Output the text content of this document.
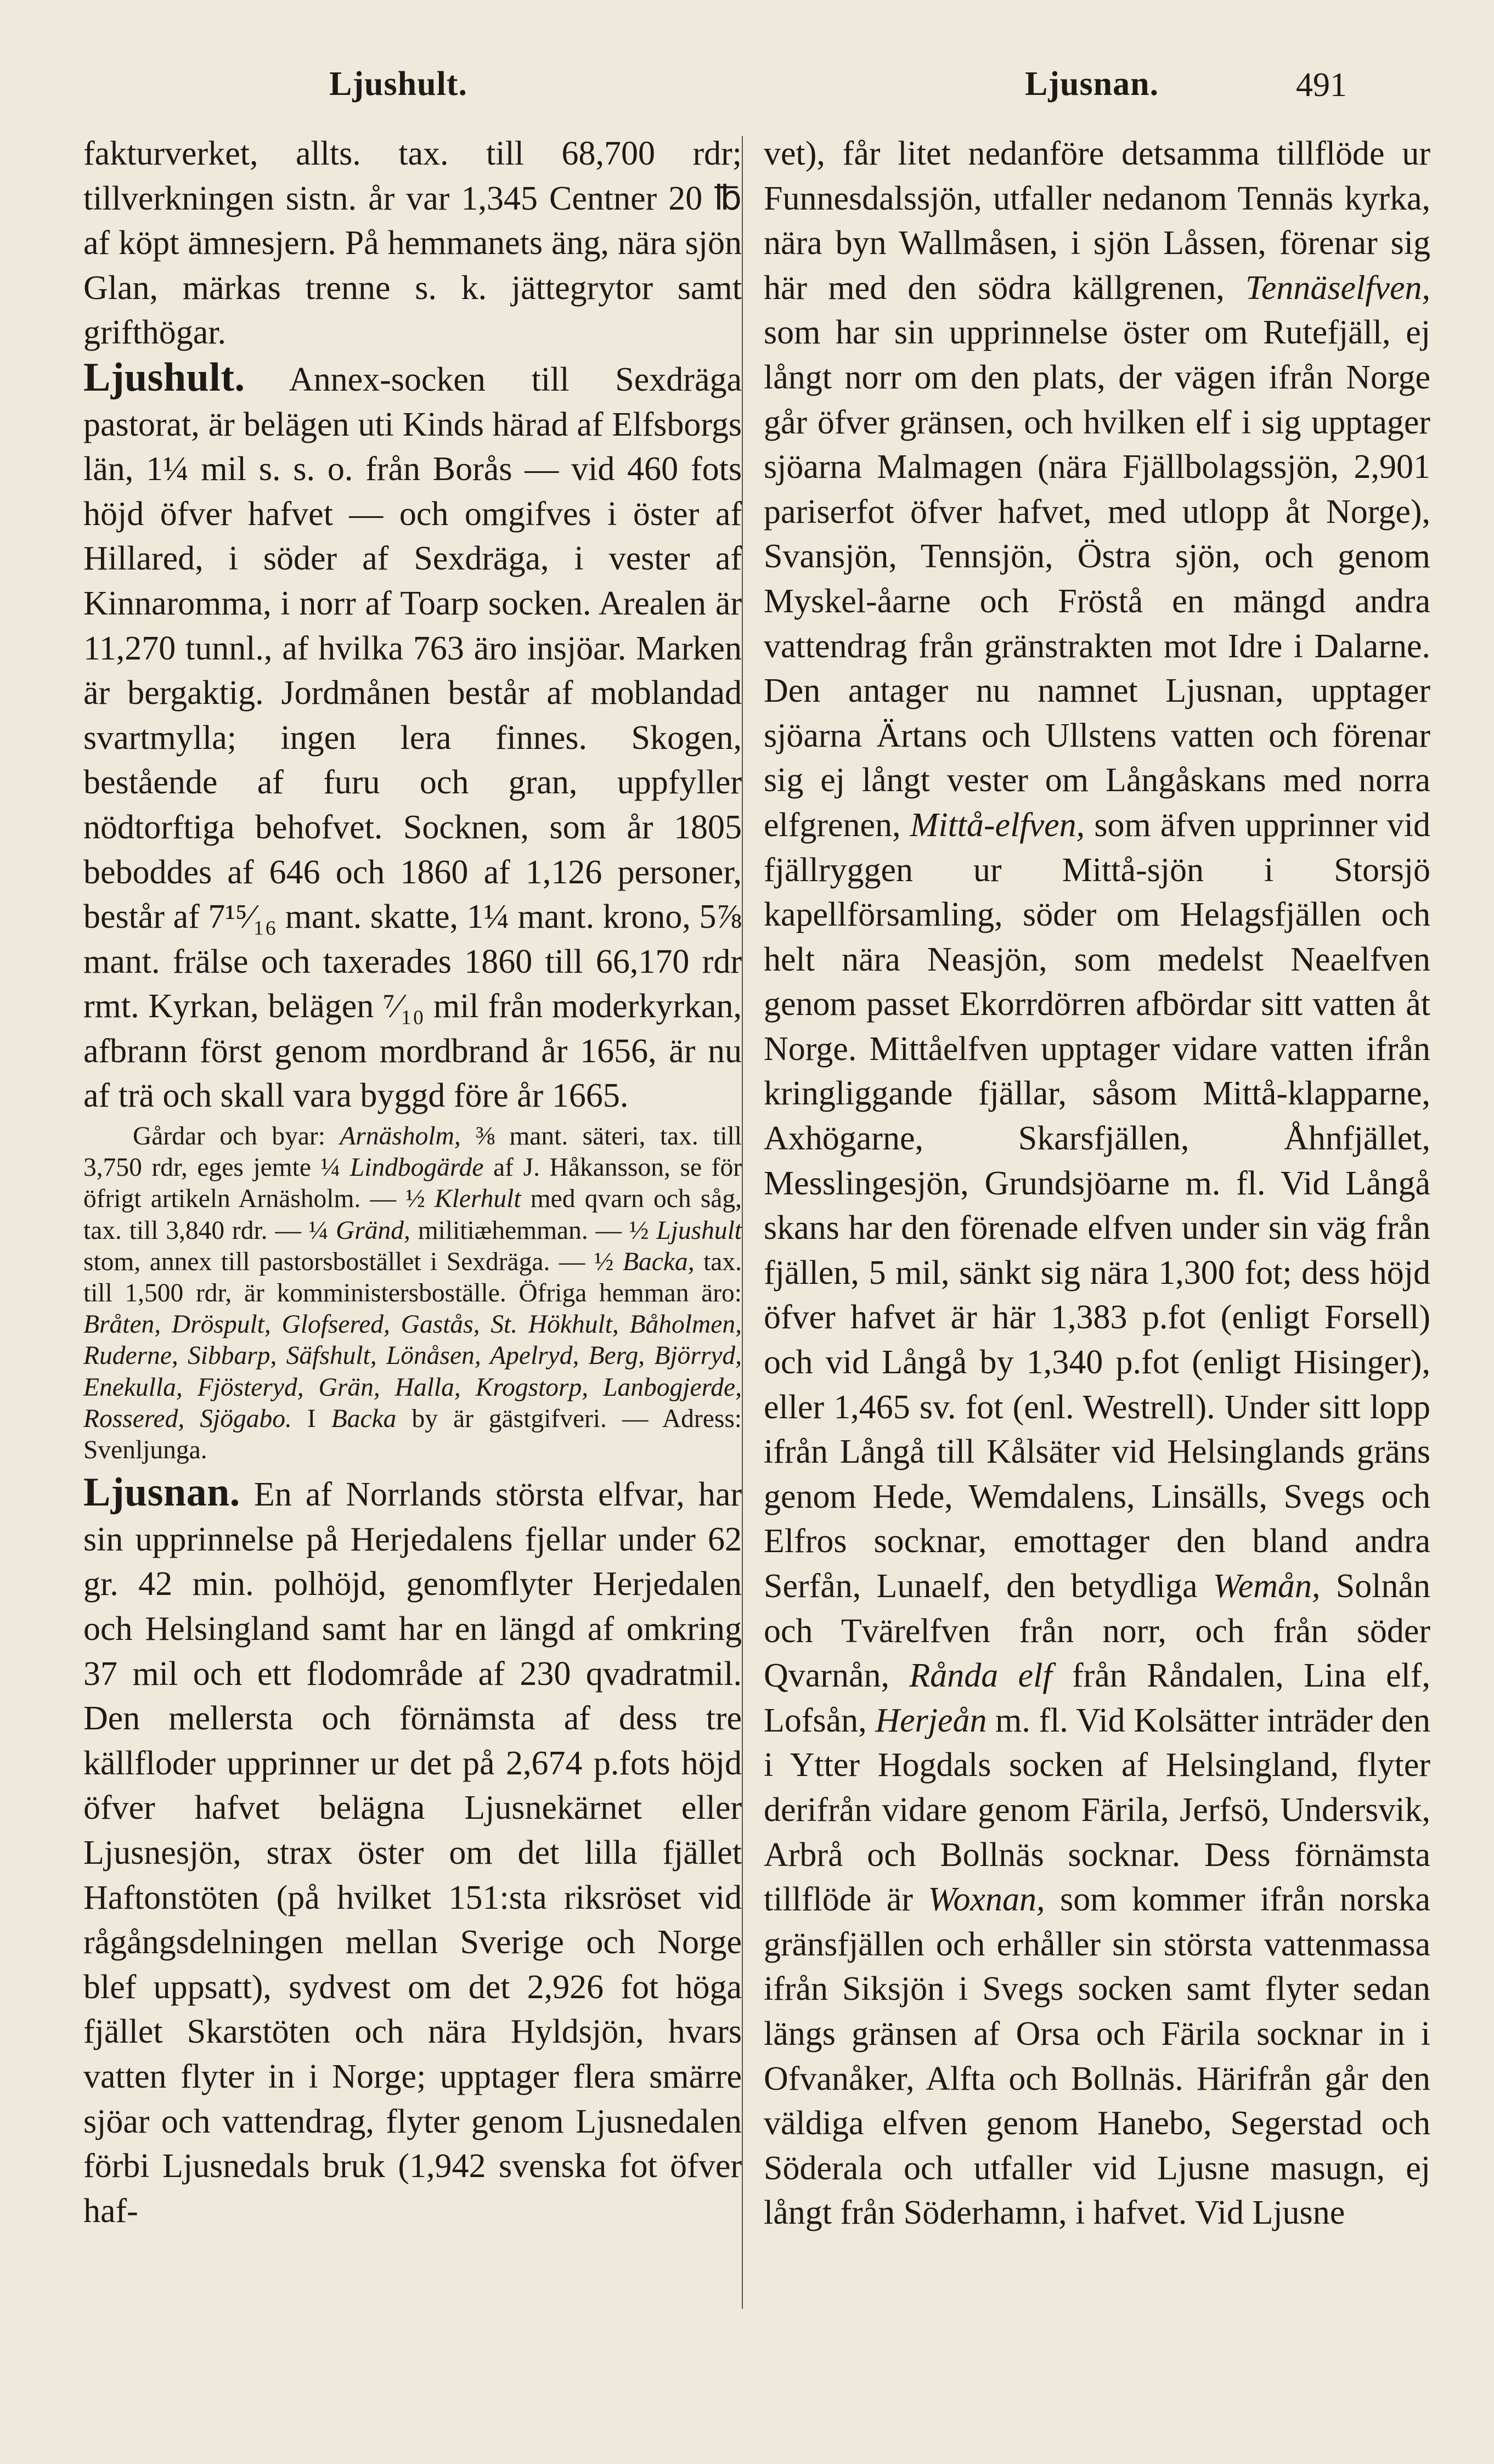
Ljushult.	Ljusnan.	491

fakturverket, allts. tax. till 68,700 rdr; tillverkningen sistn. år var 1,345 Centner 20 ℔ af köpt ämnesjern. På hemmanets äng, nära sjön Glan, märkas trenne s. k. jättegrytor samt grifthögar.

Ljushult. Annex-socken till Sexdräga pastorat, är belägen uti Kinds härad af Elfsborgs län, 1¼ mil s. s. o. från Borås — vid 460 fots höjd öfver hafvet — och omgifves i öster af Hillared, i söder af Sexdräga, i vester af Kinnaromma, i norr af Toarp socken. Arealen är 11,270 tunnl., af hvilka 763 äro insjöar. Marken är bergaktig. Jordmånen består af moblandad svartmylla; ingen lera finnes. Skogen, bestående af furu och gran, uppfyller nödtorftiga behofvet. Socknen, som år 1805 beboddes af 646 och 1860 af 1,126 personer, består af 7¹⁵⁄₁₆ mant. skatte, 1¼ mant. krono, 5⅞ mant. frälse och taxerades 1860 till 66,170 rdr rmt. Kyrkan, belägen ⁷⁄₁₀ mil från moderkyrkan, afbrann först genom mordbrand år 1656, är nu af trä och skall vara byggd före år 1665.

Gårdar och byar: Arnäsholm, ⅜ mant. säteri, tax. till 3,750 rdr, eges jemte ¼ Lindbogärde af J. Håkansson, se för öfrigt artikeln Arnäsholm. — ½ Klerhult med qvarn och såg, tax. till 3,840 rdr. — ¼ Gränd, militiæhemman. — ½ Ljushult stom, annex till pastorsbostället i Sexdräga. — ½ Backa, tax. till 1,500 rdr, är komministersboställe. Öfriga hemman äro: Bråten, Dröspult, Glofsered, Gastås, St. Hökhult, Båholmen, Ruderne, Sibbarp, Säfshult, Lönåsen, Apelryd, Berg, Björryd, Enekulla, Fjösteryd, Grän, Halla, Krogstorp, Lanbogjerde, Rossered, Sjögabo. I Backa by är gästgifveri. — Adress: Svenljunga.

Ljusnan. En af Norrlands största elfvar, har sin upprinnelse på Herjedalens fjellar under 62 gr. 42 min. polhöjd, genomflyter Herjedalen och Helsingland samt har en längd af omkring 37 mil och ett flodområde af 230 qvadratmil. Den mellersta och förnämsta af dess tre källfloder upprinner ur det på 2,674 p.fots höjd öfver hafvet belägna Ljusnekärnet eller Ljusnesjön, strax öster om det lilla fjället Haftonstöten (på hvilket 151:sta riksröset vid rågångsdelningen mellan Sverige och Norge blef uppsatt), sydvest om det 2,926 fot höga fjället Skarstöten och nära Hyldsjön, hvars vatten flyter in i Norge; upptager flera smärre sjöar och vattendrag, flyter genom Ljusnedalen förbi Ljusnedals bruk (1,942 svenska fot öfver haf-

vet), får litet nedanföre detsamma tillflöde ur Funnesdalssjön, utfaller nedanom Tennäs kyrka, nära byn Wallmåsen, i sjön Låssen, förenar sig här med den södra källgrenen, Tennäselfven, som har sin upprinnelse öster om Rutefjäll, ej långt norr om den plats, der vägen ifrån Norge går öfver gränsen, och hvilken elf i sig upptager sjöarna Malmagen (nära Fjällbolagssjön, 2,901 pariserfot öfver hafvet, med utlopp åt Norge), Svansjön, Tennsjön, Östra sjön, och genom Myskel-åarne och Fröstå en mängd andra vattendrag från gränstrakten mot Idre i Dalarne. Den antager nu namnet Ljusnan, upptager sjöarna Ärtans och Ullstens vatten och förenar sig ej långt vester om Långåskans med norra elfgrenen, Mittå-elfven, som äfven upprinner vid fjällryggen ur Mittå-sjön i Storsjö kapellförsamling, söder om Helagsfjällen och helt nära Neasjön, som medelst Neaelfven genom passet Ekorrdörren afbördar sitt vatten åt Norge. Mittåelfven upptager vidare vatten ifrån kringliggande fjällar, såsom Mittå-klapparne, Axhögarne, Skarsfjällen, Åhnfjället, Messlingesjön, Grundsjöarne m. fl. Vid Långå skans har den förenade elfven under sin väg från fjällen, 5 mil, sänkt sig nära 1,300 fot; dess höjd öfver hafvet är här 1,383 p.fot (enligt Forsell) och vid Långå by 1,340 p.fot (enligt Hisinger), eller 1,465 sv. fot (enl. Westrell). Under sitt lopp ifrån Långå till Kålsäter vid Helsinglands gräns genom Hede, Wemdalens, Linsälls, Svegs och Elfros socknar, emottager den bland andra Serfån, Lunaelf, den betydliga Wemån, Solnån och Tvärelfven från norr, och från söder Qvarnån, Rånda elf från Råndalen, Lina elf, Lofsån, Herjeån m. fl. Vid Kolsätter inträder den i Ytter Hogdals socken af Helsingland, flyter derifrån vidare genom Färila, Jerfsö, Undersvik, Arbrå och Bollnäs socknar. Dess förnämsta tillflöde är Woxnan, som kommer ifrån norska gränsfjällen och erhåller sin största vattenmassa ifrån Siksjön i Svegs socken samt flyter sedan längs gränsen af Orsa och Färila socknar in i Ofvanåker, Alfta och Bollnäs. Härifrån går den väldiga elfven genom Hanebo, Segerstad och Söderala och utfaller vid Ljusne masugn, ej långt från Söderhamn, i hafvet. Vid Ljusne
